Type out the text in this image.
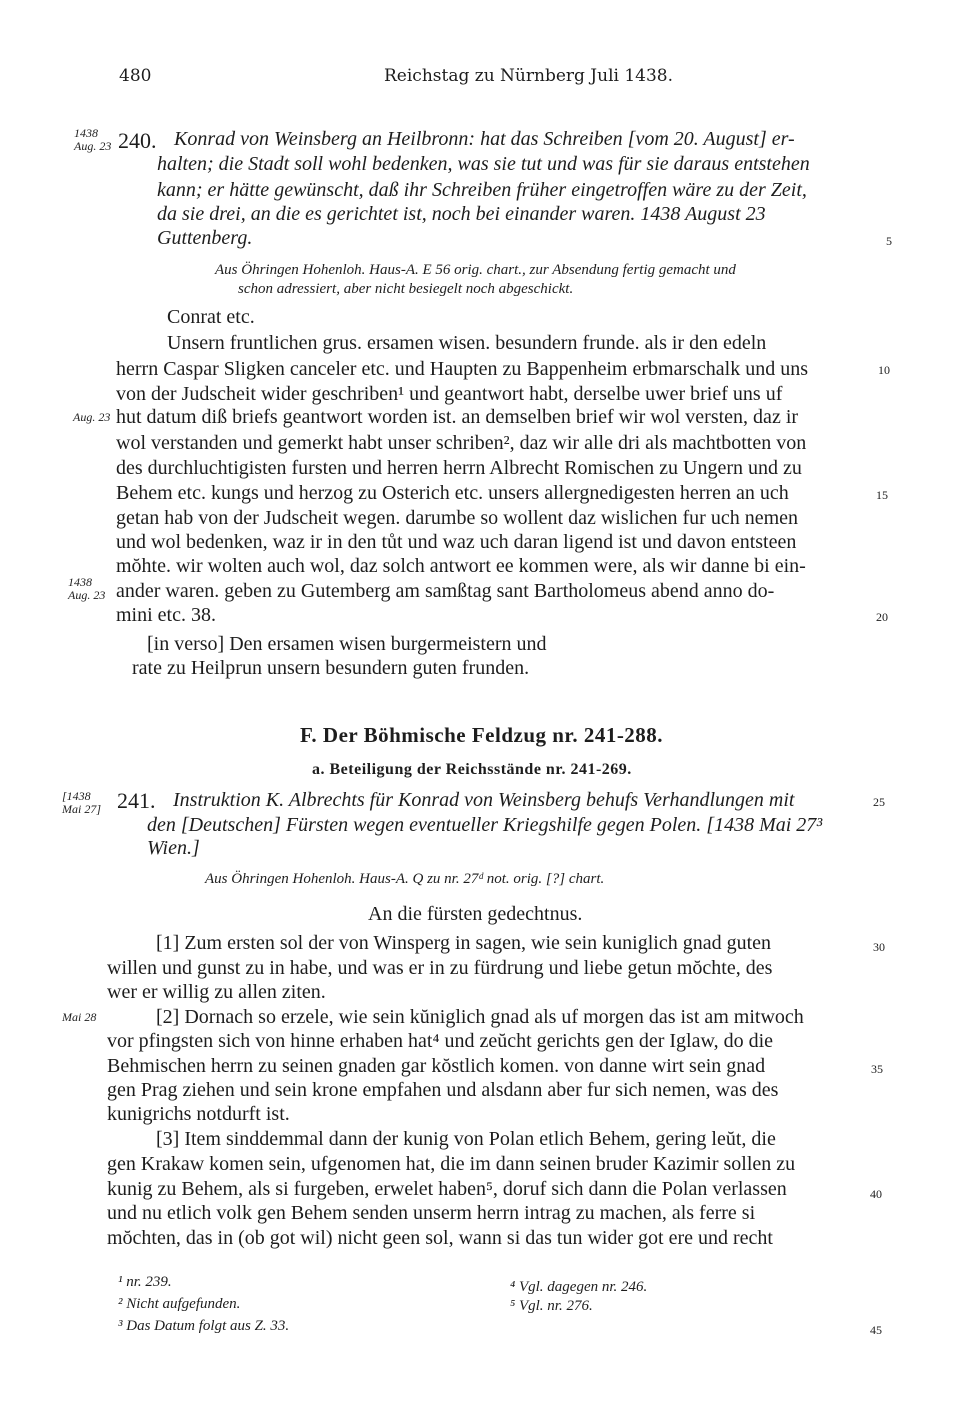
480	Reichstag zu Nürnberg Juli 1438.
1438
Aug. 23 240. Konrad von Weinsberg an Heilbronn: hat das Schreiben [vom 20. August] er-
halten; die Stadt soll wohl bedenken, was sie tut und was für sie daraus entstehen
kann; er hätte gewünscht, daß ihr Schreiben früher eingetroffen wäre zu der Zeit,
da sie drei, an die es gerichtet ist, noch bei einander waren. 1438 August 23
Guttenberg.	5
Aus Öhringen Hohenloh. Haus-A. E 56 orig. chart., zur Absendung fertig gemacht und
schon adressiert, aber nicht besiegelt noch abgeschickt.
Conrat etc.
Unsern fruntlichen grus. ersamen wisen. besundern frunde. als ir den edeln
herrn Caspar Sligken canceler etc. und Haupten zu Bappenheim erbmarschalk und uns	10
von der Judscheit wider geschriben¹ und geantwort habt, derselbe uwer brief uns uf
Aug. 23 hut datum diß briefs geantwort worden ist. an demselben brief wir wol versten, daz ir
wol verstanden und gemerkt habt unser schriben², daz wir alle dri als machtbotten von
des durchluchtigisten fursten und herren herrn Albrecht Romischen zu Ungern und zu
Behem etc. kungs und herzog zu Osterich etc. unsers allergnedigesten herren an uch	15
getan hab von der Judscheit wegen. darumbe so wollent daz wislichen fur uch nemen
und wol bedenken, waz ir in den tůt und waz uch daran ligend ist und davon entsteen
mŏhte. wir wolten auch wol, daz solch antwort ee kommen were, als wir danne bi ein-
1438
Aug. 23 ander waren. geben zu Gutemberg am samßtag sant Bartholomeus abend anno do-
mini etc. 38.	20
[in verso] Den ersamen wisen burgermeistern und
rate zu Heilprun unsern besundern guten frunden.
F. Der Böhmische Feldzug nr. 241-288.
a. Beteiligung der Reichsstände nr. 241-269.
[1438
Mai 27] 241. Instruktion K. Albrechts für Konrad von Weinsberg behufs Verhandlungen mit	25
den [Deutschen] Fürsten wegen eventueller Kriegshilfe gegen Polen. [1438 Mai 27³
Wien.]
Aus Öhringen Hohenloh. Haus-A. Q zu nr. 27ᵈ not. orig. [?] chart.
An die fürsten gedechtnus.
[1] Zum ersten sol der von Winsperg in sagen, wie sein kuniglich gnad guten	30
willen und gunst zu in habe, und was er in zu fürdrung und liebe getun mŏchte, des
wer er willig zu allen ziten.
Mai 28	[2] Dornach so erzele, wie sein kŭniglich gnad als uf morgen das ist am mitwoch
vor pfingsten sich von hinne erhaben hat⁴ und zeŭcht gerichts gen der Iglaw, do die
Behmischen herrn zu seinen gnaden gar kŏstlich komen. von danne wirt sein gnad	35
gen Prag ziehen und sein krone empfahen und alsdann aber fur sich nemen, was des
kunigrichs notdurft ist.
[3] Item sinddemmal dann der kunig von Polan etlich Behem, gering leŭt, die
gen Krakaw komen sein, ufgenomen hat, die im dann seinen bruder Kazimir sollen zu
kunig zu Behem, als si furgeben, erwelet haben⁵, doruf sich dann die Polan verlassen	40
und nu etlich volk gen Behem senden unserm herrn intrag zu machen, als ferre si
mŏchten, das in (ob got wil) nicht geen sol, wann si das tun wider got ere und recht
¹ nr. 239.
² Nicht aufgefunden.
³ Das Datum folgt aus Z. 33.
⁴ Vgl. dagegen nr. 246.
⁵ Vgl. nr. 276.
45
